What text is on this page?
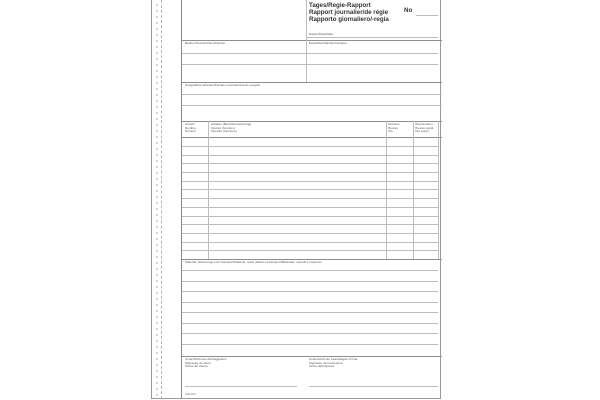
Tages/Regie-Rapport
Rapport journalier/de régie
Rapporto giornaliero/-regia
No
Datum/Date/Data
Bauherr/Kunde/Client/Cliente	Baustelle/Chantier/Cantiere
Ausgeführte Arbeiten/Travaux exécutés/Lavori eseguiti
Anzahl
Nombre
Numero
Arbeiter (Berufsbezeichnung)
Ouvrier (fonction)
Operaio (funzione)
Stunden
Heures
Ore
Überstunden
Heures suppl.
Ore suppl.
Material, Werkzeuge und Transport/Matériel, outils utilisés et transport/Materiale, utensili e trasporto
Unterschrift des Auftraggebers
Signature du client
Firma del cliente
Unterschrift der beauftragten Firma
Signature de l'entreprise
Firma dell'impresa
ANLR11
